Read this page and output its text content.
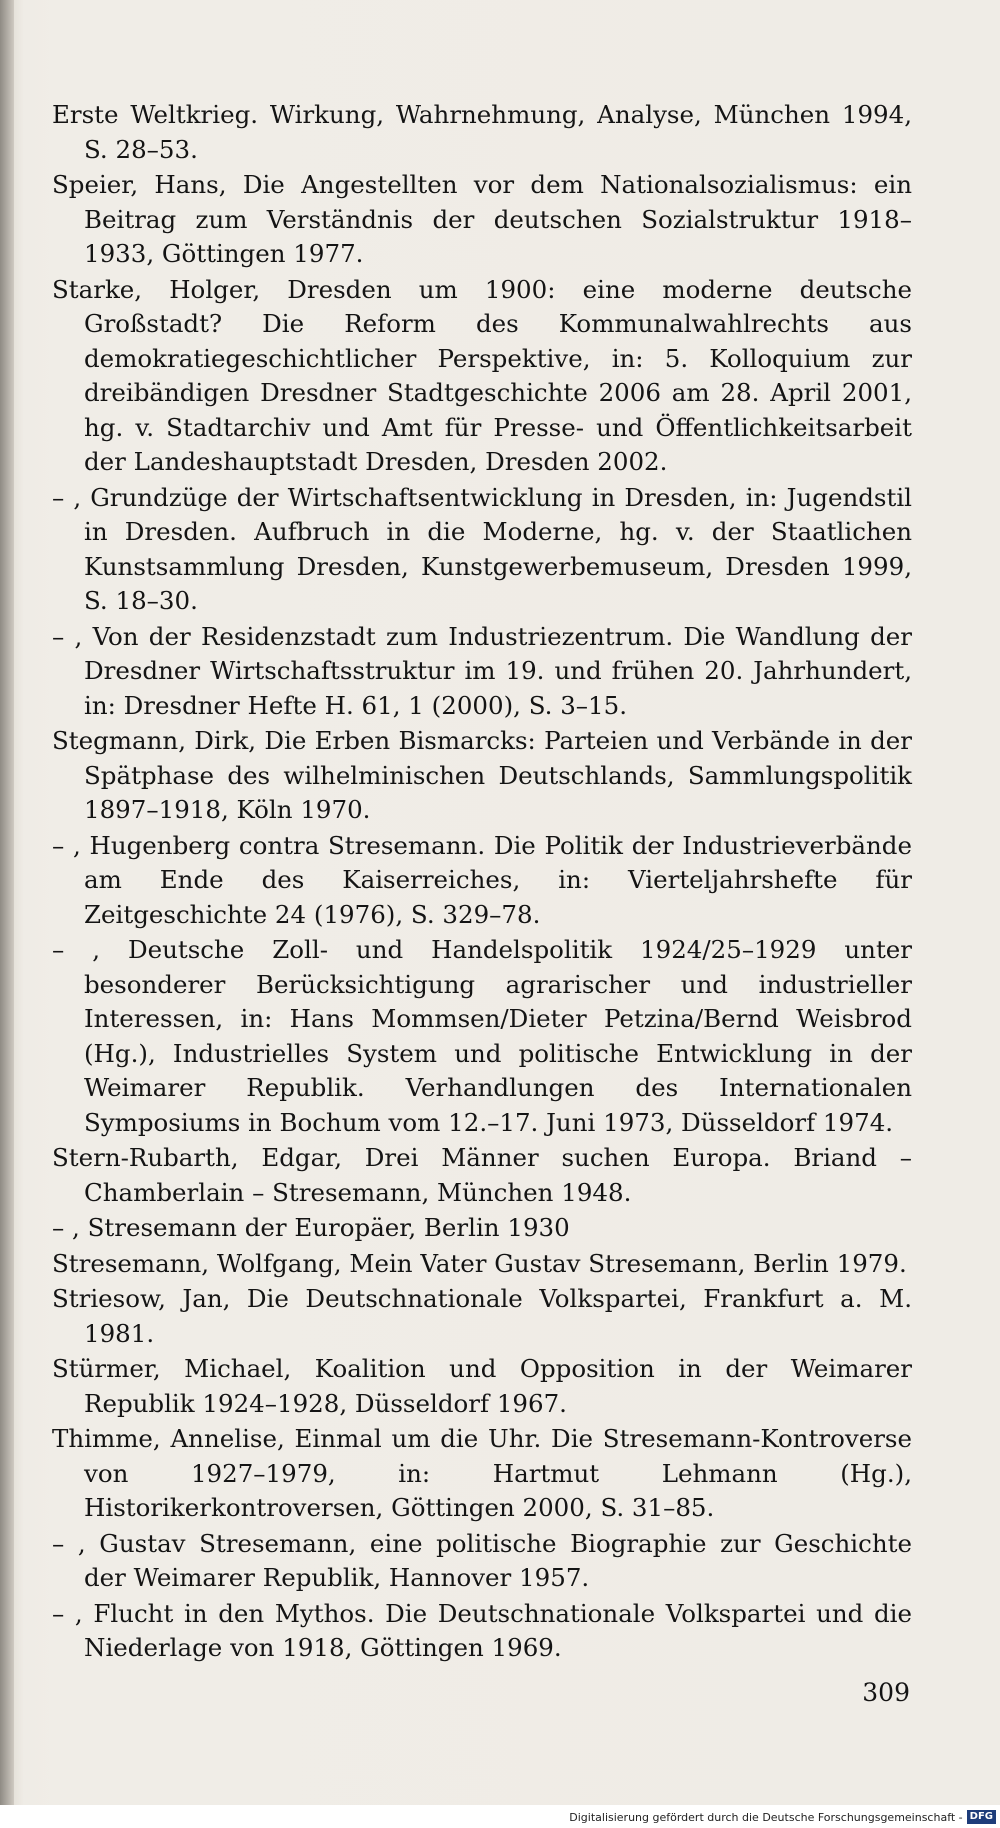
Erste Weltkrieg. Wirkung, Wahrnehmung, Analyse, München 1994, S. 28–53.

Speier, Hans, Die Angestellten vor dem Nationalsozialismus: ein Beitrag zum Verständnis der deutschen Sozialstruktur 1918–1933, Göttingen 1977.

Starke, Holger, Dresden um 1900: eine moderne deutsche Großstadt? Die Reform des Kommunalwahlrechts aus demokratiegeschichtlicher Perspektive, in: 5. Kolloquium zur dreibändigen Dresdner Stadtgeschichte 2006 am 28. April 2001, hg. v. Stadtarchiv und Amt für Presse- und Öffentlichkeitsarbeit der Landeshauptstadt Dresden, Dresden 2002.

– , Grundzüge der Wirtschaftsentwicklung in Dresden, in: Jugendstil in Dresden. Aufbruch in die Moderne, hg. v. der Staatlichen Kunstsammlung Dresden, Kunstgewerbemuseum, Dresden 1999, S. 18–30.

– , Von der Residenzstadt zum Industriezentrum. Die Wandlung der Dresdner Wirtschaftsstruktur im 19. und frühen 20. Jahrhundert, in: Dresdner Hefte H. 61, 1 (2000), S. 3–15.

Stegmann, Dirk, Die Erben Bismarcks: Parteien und Verbände in der Spätphase des wilhelminischen Deutschlands, Sammlungspolitik 1897–1918, Köln 1970.

– , Hugenberg contra Stresemann. Die Politik der Industrieverbände am Ende des Kaiserreiches, in: Vierteljahrshefte für Zeitgeschichte 24 (1976), S. 329–78.

– , Deutsche Zoll- und Handelspolitik 1924/25–1929 unter besonderer Berücksichtigung agrarischer und industrieller Interessen, in: Hans Mommsen/Dieter Petzina/Bernd Weisbrod (Hg.), Industrielles System und politische Entwicklung in der Weimarer Republik. Verhandlungen des Internationalen Symposiums in Bochum vom 12.–17. Juni 1973, Düsseldorf 1974.

Stern-Rubarth, Edgar, Drei Männer suchen Europa. Briand – Chamberlain – Stresemann, München 1948.

– , Stresemann der Europäer, Berlin 1930

Stresemann, Wolfgang, Mein Vater Gustav Stresemann, Berlin 1979.

Striesow, Jan, Die Deutschnationale Volkspartei, Frankfurt a. M. 1981.

Stürmer, Michael, Koalition und Opposition in der Weimarer Republik 1924–1928, Düsseldorf 1967.

Thimme, Annelise, Einmal um die Uhr. Die Stresemann-Kontroverse von 1927–1979, in: Hartmut Lehmann (Hg.), Historikerkontroversen, Göttingen 2000, S. 31–85.

– , Gustav Stresemann, eine politische Biographie zur Geschichte der Weimarer Republik, Hannover 1957.

– , Flucht in den Mythos. Die Deutschnationale Volkspartei und die Niederlage von 1918, Göttingen 1969.

309
Digitalisierung gefördert durch die Deutsche Forschungsgemeinschaft - DFG
